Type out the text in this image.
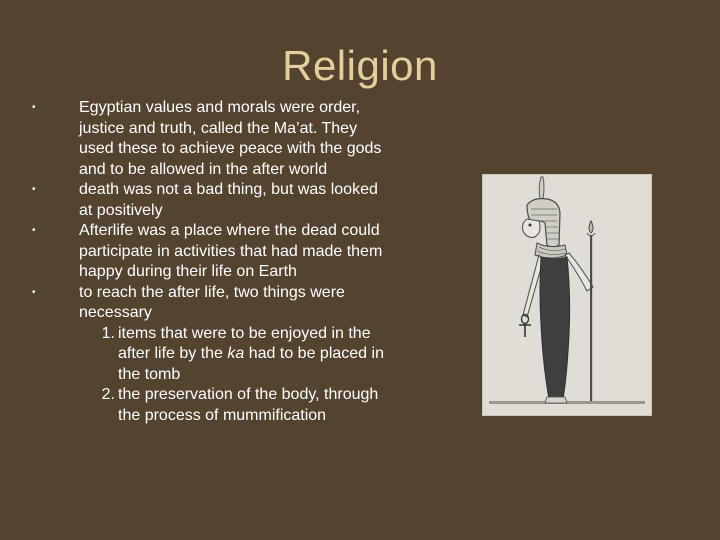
Religion
•	Egyptian values and morals were order, justice and truth, called the Ma’at. They used these to achieve peace with the gods and to be allowed in the after world
•	death was not a bad thing, but was looked at positively
•	Afterlife was a place where the dead could participate in activities that had made them happy during their life on Earth
•	to reach the after life, two things were necessary
1. items that were to be enjoyed in the after life by the ka had to be placed in the tomb
2. the preservation of the body, through the process of mummification
